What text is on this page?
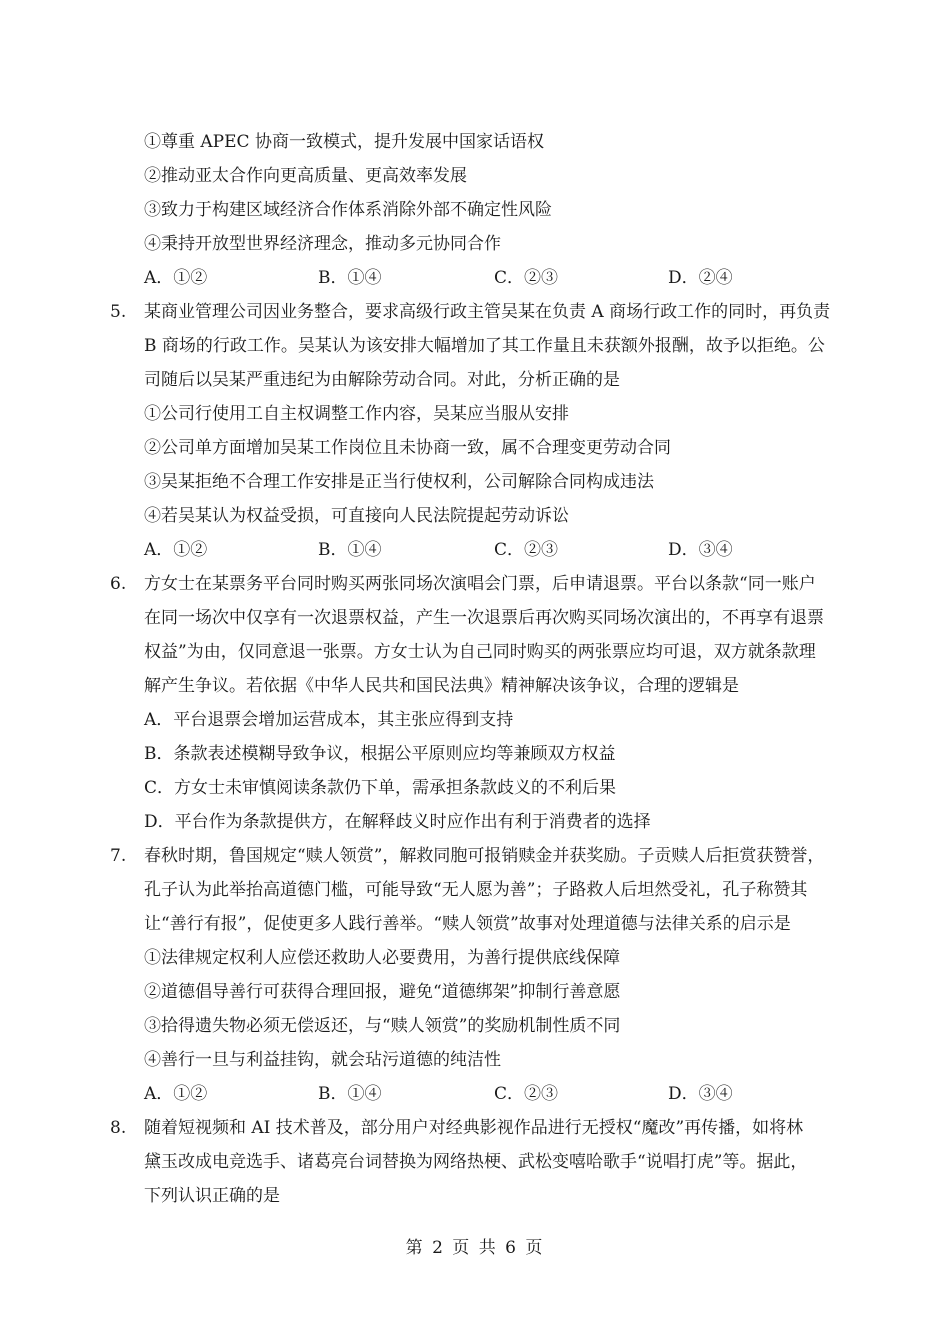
①尊重 APEC 协商一致模式，提升发展中国家话语权
②推动亚太合作向更高质量、更高效率发展
③致力于构建区域经济合作体系消除外部不确定性风险
④秉持开放型世界经济理念，推动多元协同合作
A．①②	B．①④	C．②③	D．②④
5. 某商业管理公司因业务整合，要求高级行政主管吴某在负责 A 商场行政工作的同时，再负责
B 商场的行政工作。吴某认为该安排大幅增加了其工作量且未获额外报酬，故予以拒绝。公
司随后以吴某严重违纪为由解除劳动合同。对此，分析正确的是
①公司行使用工自主权调整工作内容，吴某应当服从安排
②公司单方面增加吴某工作岗位且未协商一致，属不合理变更劳动合同
③吴某拒绝不合理工作安排是正当行使权利，公司解除合同构成违法
④若吴某认为权益受损，可直接向人民法院提起劳动诉讼
A．①②	B．①④	C．②③	D．③④
6. 方女士在某票务平台同时购买两张同场次演唱会门票，后申请退票。平台以条款“同一账户
在同一场次中仅享有一次退票权益，产生一次退票后再次购买同场次演出的，不再享有退票
权益”为由，仅同意退一张票。方女士认为自己同时购买的两张票应均可退，双方就条款理
解产生争议。若依据《中华人民共和国民法典》精神解决该争议，合理的逻辑是
A．平台退票会增加运营成本，其主张应得到支持
B．条款表述模糊导致争议，根据公平原则应均等兼顾双方权益
C．方女士未审慎阅读条款仍下单，需承担条款歧义的不利后果
D．平台作为条款提供方，在解释歧义时应作出有利于消费者的选择
7. 春秋时期，鲁国规定“赎人领赏”，解救同胞可报销赎金并获奖励。子贡赎人后拒赏获赞誉，
孔子认为此举抬高道德门槛，可能导致“无人愿为善”；子路救人后坦然受礼，孔子称赞其
让“善行有报”，促使更多人践行善举。“赎人领赏”故事对处理道德与法律关系的启示是
①法律规定权利人应偿还救助人必要费用，为善行提供底线保障
②道德倡导善行可获得合理回报，避免“道德绑架”抑制行善意愿
③拾得遗失物必须无偿返还，与“赎人领赏”的奖励机制性质不同
④善行一旦与利益挂钩，就会玷污道德的纯洁性
A．①②	B．①④	C．②③	D．③④
8. 随着短视频和 AI 技术普及，部分用户对经典影视作品进行无授权“魔改”再传播，如将林
黛玉改成电竞选手、诸葛亮台词替换为网络热梗、武松变嘻哈歌手“说唱打虎”等。据此，
下列认识正确的是
第 2 页 共 6 页
